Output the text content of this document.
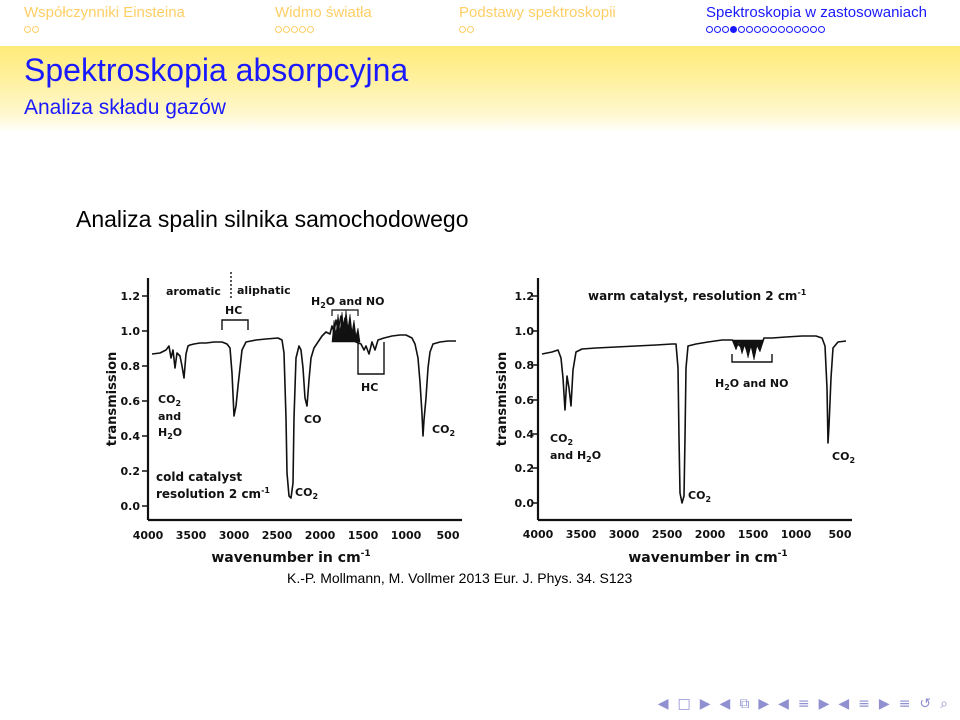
Współczynniki Einsteina	Widmo światła	Podstawy spektroskopii	Spektroskopia w zastosowaniach
Spektroskopia absorpcyjna
Analiza składu gazów
Analiza spalin silnika samochodowego
0.0
0.2
0.4
0.6
0.8
1.0
1.2
4000 3500 3000 2500 2000 1500 1000 500
transmission
wavenumber in $cm^{-1}$
aromatic aliphatic
HC
$H_2O$ and NO
HC
$CO_2$ and $H_2O$
CO
$CO_2$
$CO_2$
cold catalyst
resolution 2 $cm^{-1}$
0.0
0.2
0.4
0.6
0.8
1.0
1.2
4000 3500 3000 2500 2000 1500 1000 500
transmission
wavenumber in $cm^{-1}$
warm catalyst, resolution 2 $cm^{-1}$
$H_2O$ and NO
$CO_2$ and $H_2O$
$CO_2$
$CO_2$
K.-P. Mollmann, M. Vollmer 2013 Eur. J. Phys. 34. S123
◀ □ ▶ ◀ ⧉ ▶ ◀ ≡ ▶ ◀ ≡ ▶ ≡ ↺ ⌕
